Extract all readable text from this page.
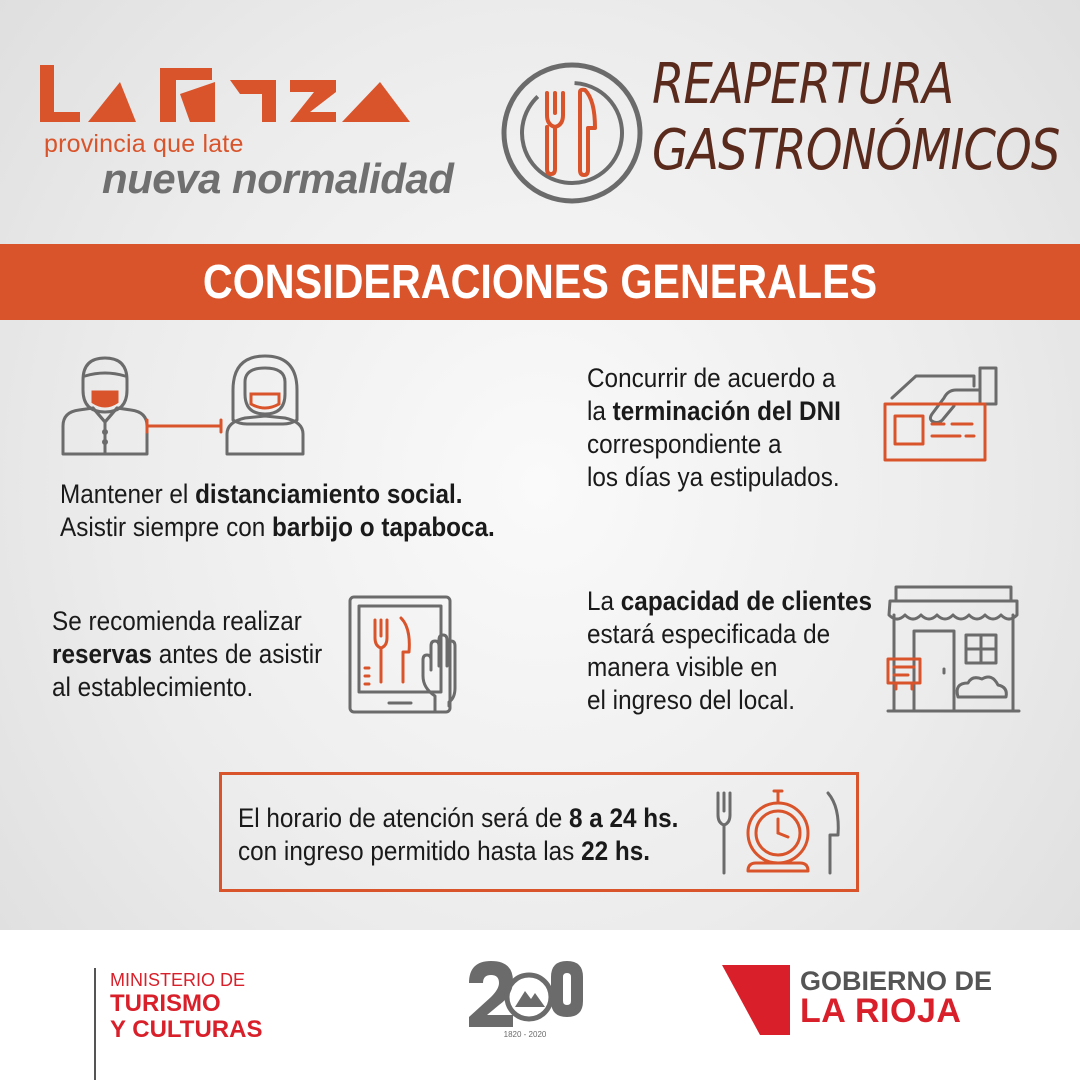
provincia que late
nueva normalidad
REAPERTURA
GASTRONÓMICOS
CONSIDERACIONES GENERALES
Mantener el distanciamiento social.
Asistir siempre con barbijo o tapaboca.
Concurrir de acuerdo a
la terminación del DNI
correspondiente a
los días ya estipulados.
Se recomienda realizar
reservas antes de asistir
al establecimiento.
La capacidad de clientes
estará especificada de
manera visible en
el ingreso del local.
El horario de atención será de 8 a 24 hs.
con ingreso permitido hasta las 22 hs.
MINISTERIO DE
TURISMO
Y CULTURAS	1820 - 2020
GOBIERNO DE
LA RIOJA
